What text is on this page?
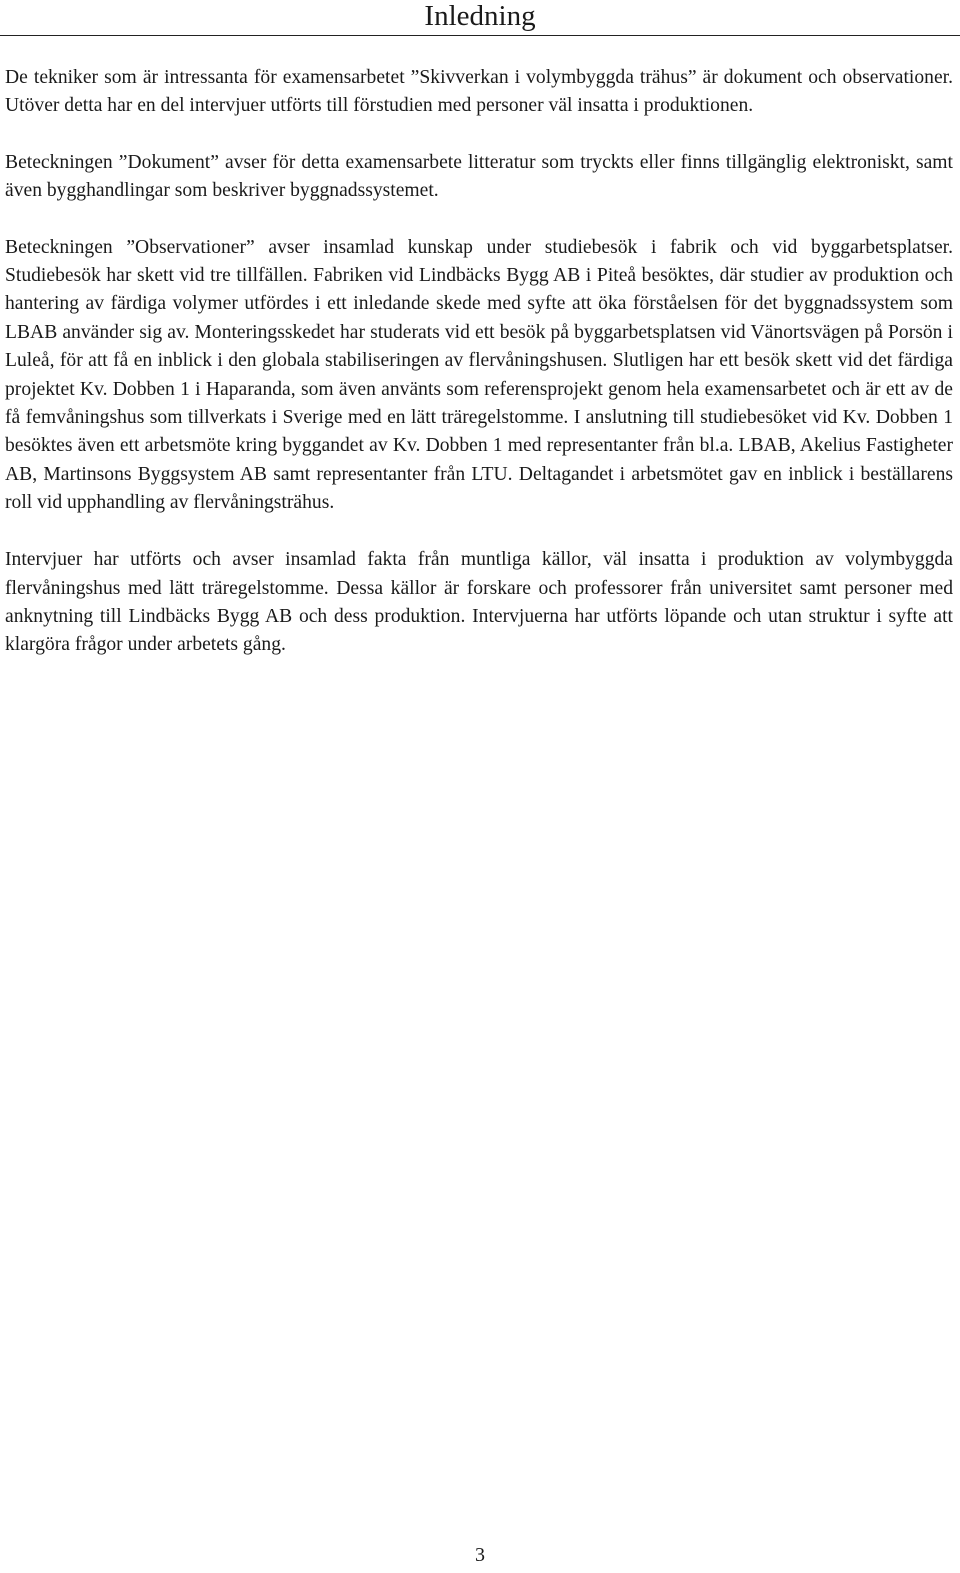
Inledning

De tekniker som är intressanta för examensarbetet ”Skivverkan i volymbyggda trähus” är dokument och observationer. Utöver detta har en del intervjuer utförts till förstudien med personer väl insatta i produktionen.

Beteckningen ”Dokument” avser för detta examensarbete litteratur som tryckts eller finns tillgänglig elektroniskt, samt även bygghandlingar som beskriver byggnadssystemet.

Beteckningen ”Observationer” avser insamlad kunskap under studiebesök i fabrik och vid byggarbetsplatser. Studiebesök har skett vid tre tillfällen. Fabriken vid Lindbäcks Bygg AB i Piteå besöktes, där studier av produktion och hantering av färdiga volymer utfördes i ett inledande skede med syfte att öka förståelsen för det byggnadssystem som LBAB använder sig av. Monteringsskedet har studerats vid ett besök på byggarbetsplatsen vid Vänortsvägen på Porsön i Luleå, för att få en inblick i den globala stabiliseringen av flervåningshusen. Slutligen har ett besök skett vid det färdiga projektet Kv. Dobben 1 i Haparanda, som även använts som referensprojekt genom hela examensarbetet och är ett av de få femvåningshus som tillverkats i Sverige med en lätt träregelstomme. I anslutning till studiebesöket vid Kv. Dobben 1 besöktes även ett arbetsmöte kring byggandet av Kv. Dobben 1 med representanter från bl.a. LBAB, Akelius Fastigheter AB, Martinsons Byggsystem AB samt representanter från LTU. Deltagandet i arbetsmötet gav en inblick i beställarens roll vid upphandling av flervåningsträhus.

Intervjuer har utförts och avser insamlad fakta från muntliga källor, väl insatta i produktion av volymbyggda flervåningshus med lätt träregelstomme. Dessa källor är forskare och professorer från universitet samt personer med anknytning till Lindbäcks Bygg AB och dess produktion. Intervjuerna har utförts löpande och utan struktur i syfte att klargöra frågor under arbetets gång.

3
